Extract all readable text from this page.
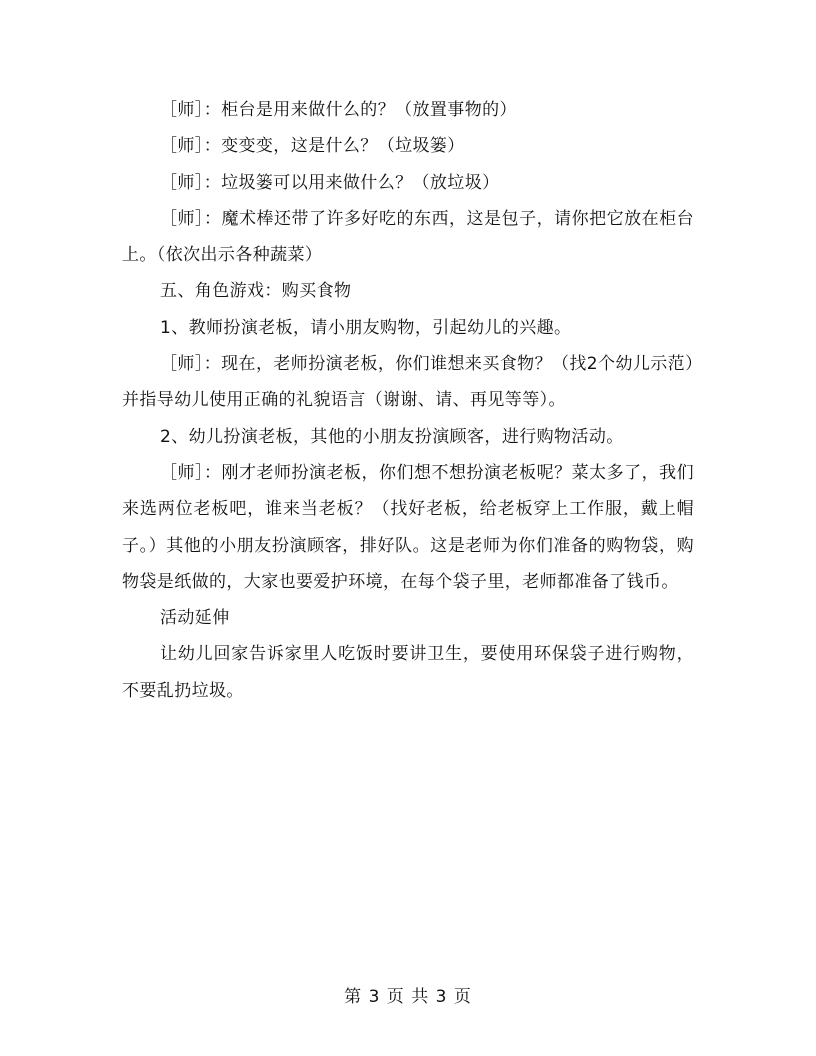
［师］：柜台是用来做什么的？（放置事物的）

［师］：变变变，这是什么？（垃圾篓）

［师］：垃圾篓可以用来做什么？（放垃圾）

［师］：魔术棒还带了许多好吃的东西，这是包子，请你把它放在柜台上。（依次出示各种蔬菜）

五、角色游戏：购买食物

1、教师扮演老板，请小朋友购物，引起幼儿的兴趣。

［师］：现在，老师扮演老板，你们谁想来买食物？（找2个幼儿示范）并指导幼儿使用正确的礼貌语言（谢谢、请、再见等等）。

2、幼儿扮演老板，其他的小朋友扮演顾客，进行购物活动。

［师］：刚才老师扮演老板，你们想不想扮演老板呢？菜太多了，我们来选两位老板吧，谁来当老板？（找好老板，给老板穿上工作服，戴上帽子。）其他的小朋友扮演顾客，排好队。这是老师为你们准备的购物袋，购物袋是纸做的，大家也要爱护环境，在每个袋子里，老师都准备了钱币。

活动延伸

让幼儿回家告诉家里人吃饭时要讲卫生，要使用环保袋子进行购物，不要乱扔垃圾。

第 3 页 共 3 页
